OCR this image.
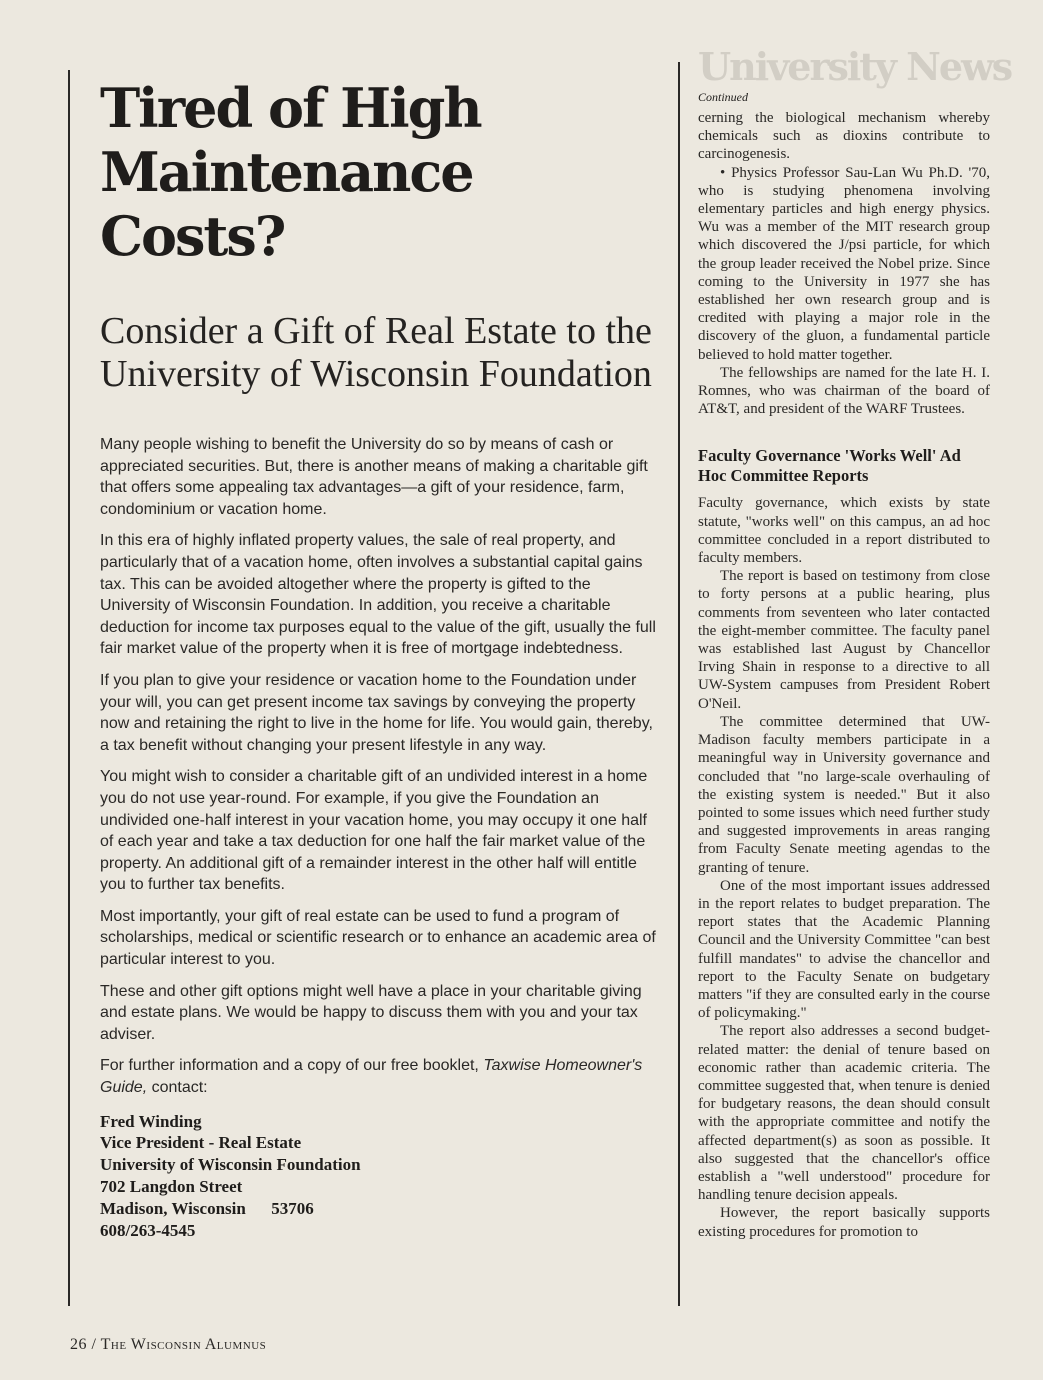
Tired of High Maintenance Costs?
Consider a Gift of Real Estate to the University of Wisconsin Foundation

Many people wishing to benefit the University do so by means of cash or appreciated securities. But, there is another means of making a charitable gift that offers some appealing tax advantages—a gift of your residence, farm, condominium or vacation home.

In this era of highly inflated property values, the sale of real property, and particularly that of a vacation home, often involves a substantial capital gains tax. This can be avoided altogether where the property is gifted to the University of Wisconsin Foundation. In addition, you receive a charitable deduction for income tax purposes equal to the value of the gift, usually the full fair market value of the property when it is free of mortgage indebtedness.

If you plan to give your residence or vacation home to the Foundation under your will, you can get present income tax savings by conveying the property now and retaining the right to live in the home for life. You would gain, thereby, a tax benefit without changing your present lifestyle in any way.

You might wish to consider a charitable gift of an undivided interest in a home you do not use year-round. For example, if you give the Foundation an undivided one-half interest in your vacation home, you may occupy it one half of each year and take a tax deduction for one half the fair market value of the property. An additional gift of a remainder interest in the other half will entitle you to further tax benefits.

Most importantly, your gift of real estate can be used to fund a program of scholarships, medical or scientific research or to enhance an academic area of particular interest to you.

These and other gift options might well have a place in your charitable giving and estate plans. We would be happy to discuss them with you and your tax adviser.

For further information and a copy of our free booklet, Taxwise Homeowner's Guide, contact:

Fred Winding
Vice President - Real Estate
University of Wisconsin Foundation
702 Langdon Street
Madison, Wisconsin      53706
608/263-4545
University News
Continued

cerning the biological mechanism whereby chemicals such as dioxins contribute to carcinogenesis.

• Physics Professor Sau-Lan Wu Ph.D. '70, who is studying phenomena involving elementary particles and high energy physics. Wu was a member of the MIT research group which discovered the J/psi particle, for which the group leader received the Nobel prize. Since coming to the University in 1977 she has established her own research group and is credited with playing a major role in the discovery of the gluon, a fundamental particle believed to hold matter together.

The fellowships are named for the late H. I. Romnes, who was chairman of the board of AT&T, and president of the WARF Trustees.

Faculty Governance 'Works Well' Ad Hoc Committee Reports

Faculty governance, which exists by state statute, "works well" on this campus, an ad hoc committee concluded in a report distributed to faculty members.

The report is based on testimony from close to forty persons at a public hearing, plus comments from seventeen who later contacted the eight-member committee. The faculty panel was established last August by Chancellor Irving Shain in response to a directive to all UW-System campuses from President Robert O'Neil.

The committee determined that UW-Madison faculty members participate in a meaningful way in University governance and concluded that "no large-scale overhauling of the existing system is needed." But it also pointed to some issues which need further study and suggested improvements in areas ranging from Faculty Senate meeting agendas to the granting of tenure.

One of the most important issues addressed in the report relates to budget preparation. The report states that the Academic Planning Council and the University Committee "can best fulfill mandates" to advise the chancellor and report to the Faculty Senate on budgetary matters "if they are consulted early in the course of policymaking."

The report also addresses a second budget-related matter: the denial of tenure based on economic rather than academic criteria. The committee suggested that, when tenure is denied for budgetary reasons, the dean should consult with the appropriate committee and notify the affected department(s) as soon as possible. It also suggested that the chancellor's office establish a "well understood" procedure for handling tenure decision appeals.

However, the report basically supports existing procedures for promotion to

26 / The Wisconsin Alumnus
